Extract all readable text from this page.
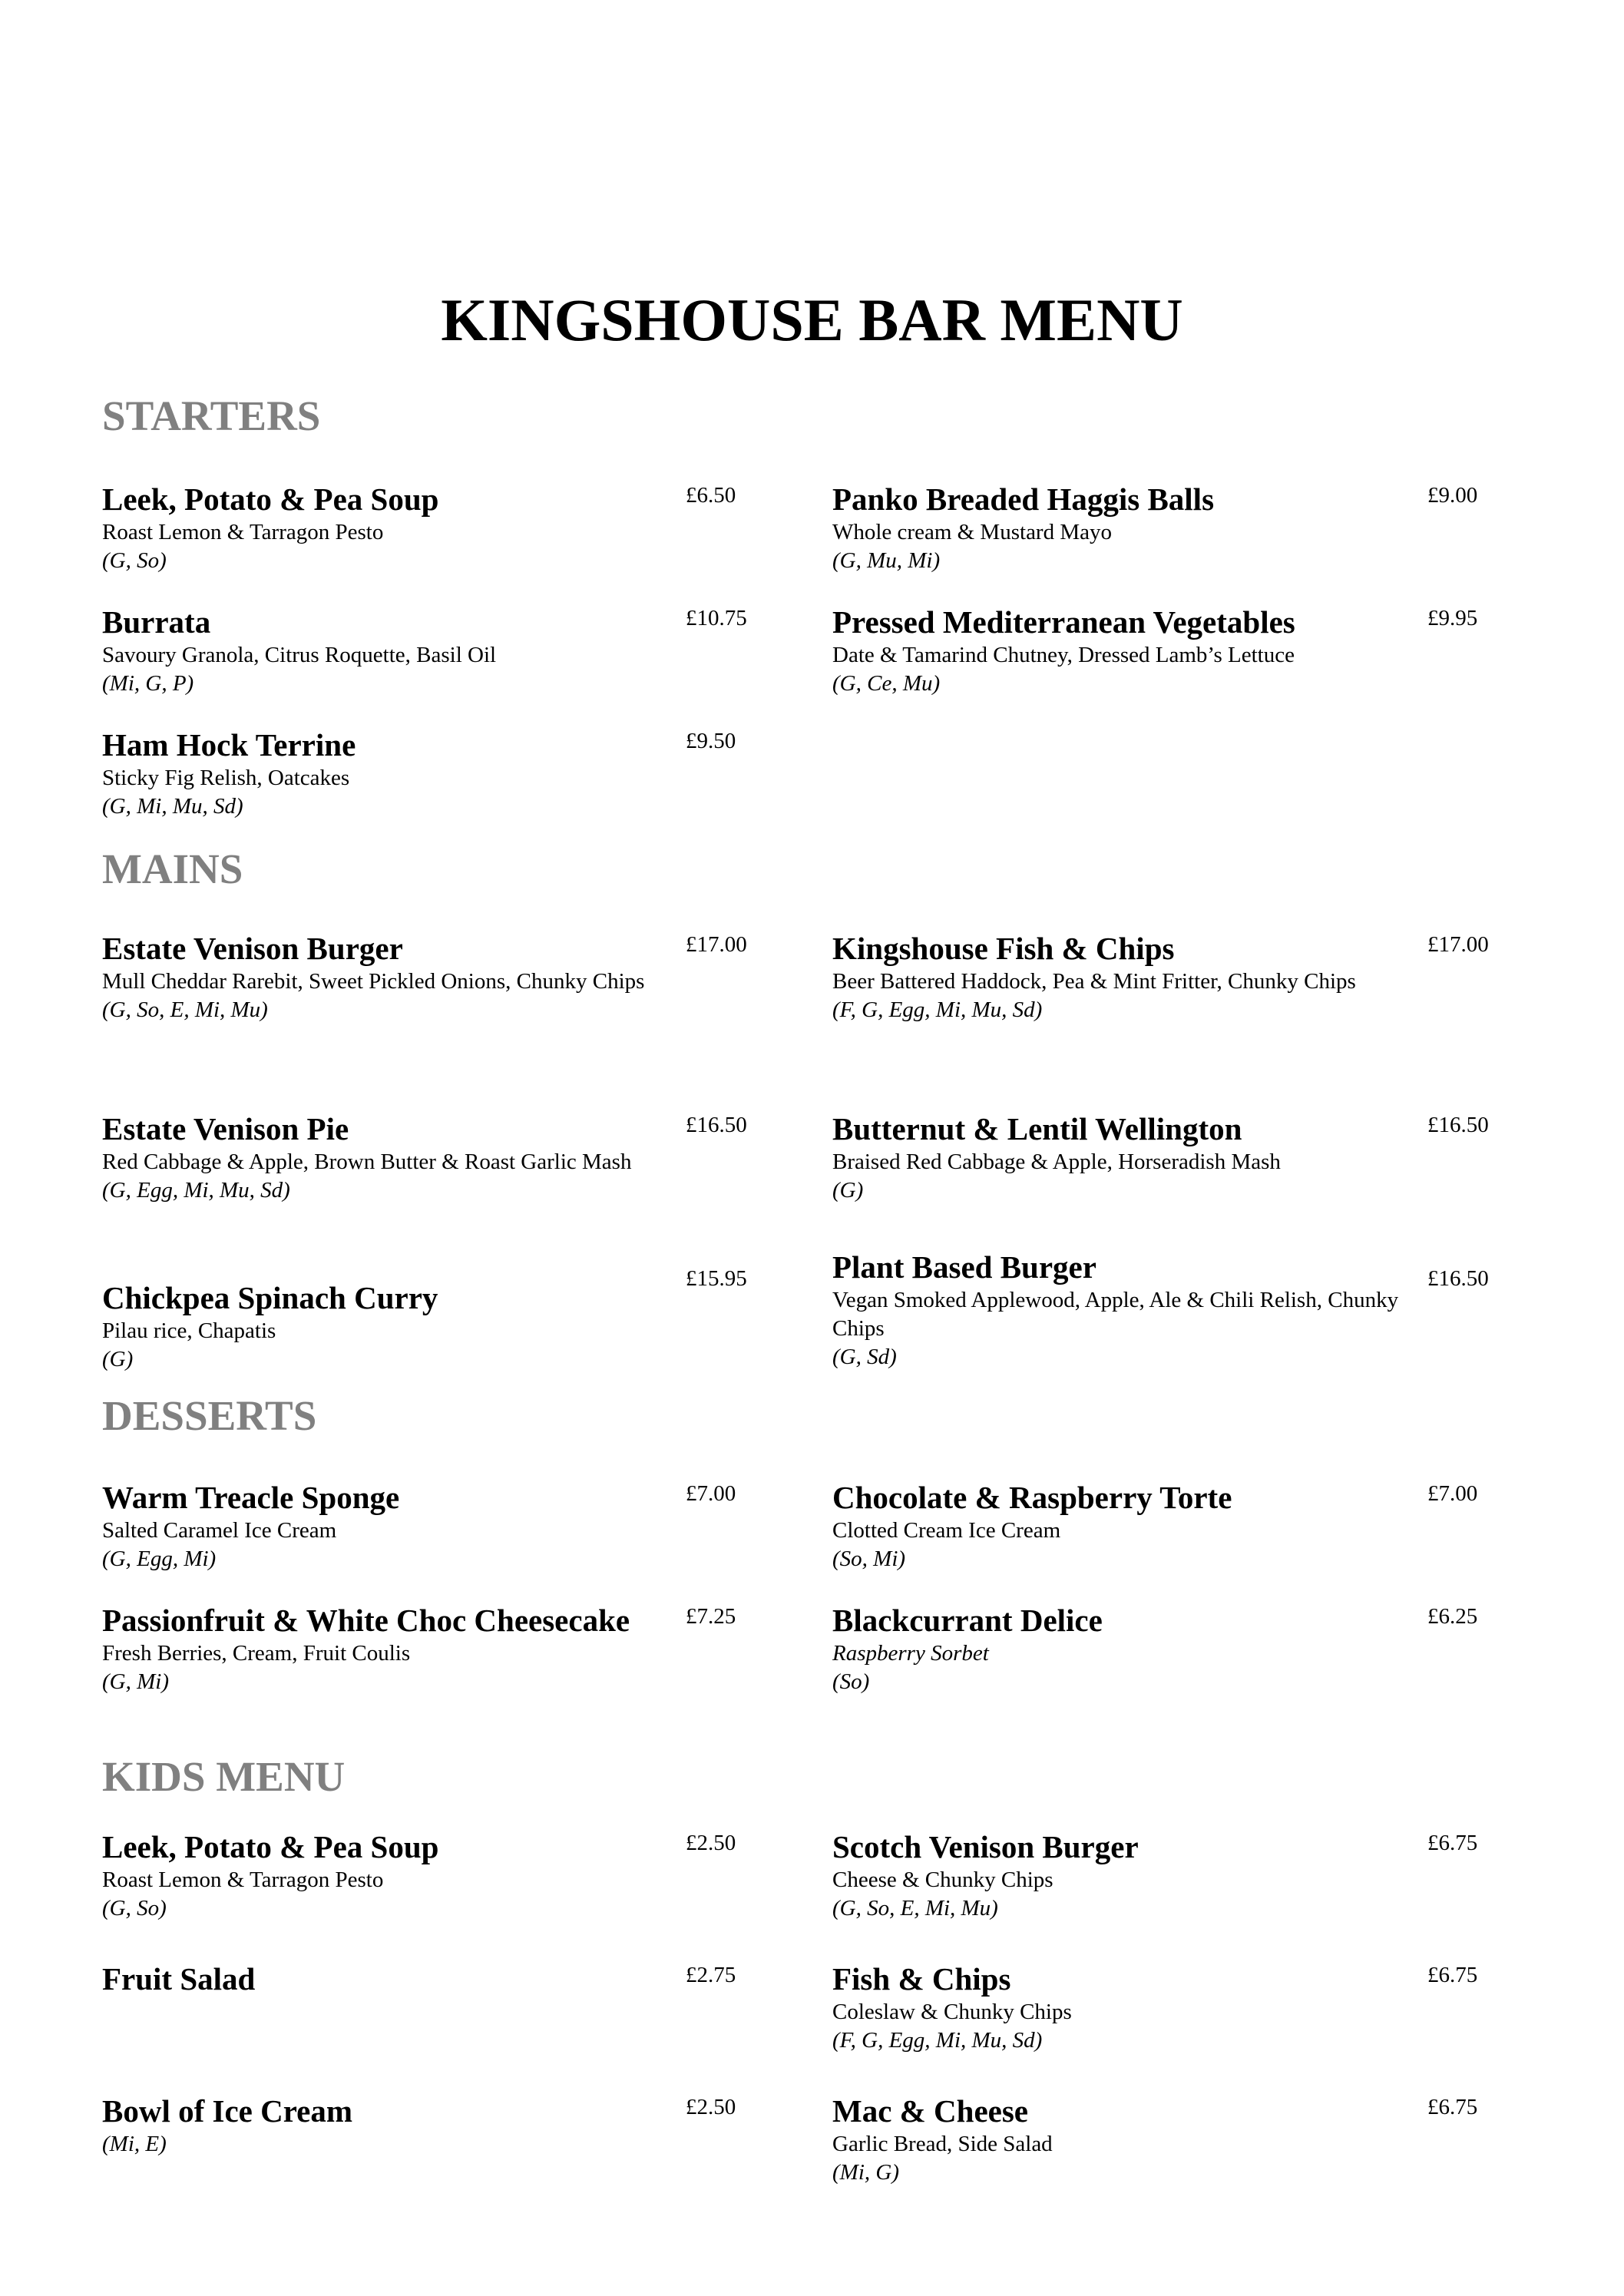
KINGSHOUSE BAR MENU
STARTERS
Leek, Potato & Pea Soup
Roast Lemon & Tarragon Pesto
(G, So)
£6.50	Panko Breaded Haggis Balls
Whole cream & Mustard Mayo
(G, Mu, Mi)
£9.00
Burrata
Savoury Granola, Citrus Roquette, Basil Oil
(Mi, G, P)
£10.75	Pressed Mediterranean Vegetables
Date & Tamarind Chutney, Dressed Lamb’s Lettuce
(G, Ce, Mu)
£9.95
Ham Hock Terrine
Sticky Fig Relish, Oatcakes
(G, Mi, Mu, Sd)
£9.50
MAINS
Estate Venison Burger
Mull Cheddar Rarebit, Sweet Pickled Onions, Chunky Chips
(G, So, E, Mi, Mu)
£17.00	Kingshouse Fish & Chips
Beer Battered Haddock, Pea & Mint Fritter, Chunky Chips
(F, G, Egg, Mi, Mu, Sd)
£17.00
Estate Venison Pie
Red Cabbage & Apple, Brown Butter & Roast Garlic Mash
(G, Egg, Mi, Mu, Sd)
£16.50	Butternut & Lentil Wellington
Braised Red Cabbage & Apple, Horseradish Mash
(G)
£16.50
Chickpea Spinach Curry
Pilau rice, Chapatis
(G)
£15.95	Plant Based Burger
Vegan Smoked Applewood, Apple, Ale & Chili Relish, Chunky Chips
(G, Sd)
£16.50
DESSERTS
Warm Treacle Sponge
Salted Caramel Ice Cream
(G, Egg, Mi)
£7.00	Chocolate & Raspberry Torte
Clotted Cream Ice Cream
(So, Mi)
£7.00
Passionfruit & White Choc Cheesecake
Fresh Berries, Cream, Fruit Coulis
(G, Mi)
£7.25	Blackcurrant Delice
Raspberry Sorbet
(So)
£6.25
KIDS MENU
Leek, Potato & Pea Soup
Roast Lemon & Tarragon Pesto
(G, So)
£2.50	Scotch Venison Burger
Cheese & Chunky Chips
(G, So, E, Mi, Mu)
£6.75
Fruit Salad	£2.75	Fish & Chips
Coleslaw & Chunky Chips
(F, G, Egg, Mi, Mu, Sd)
£6.75
Bowl of Ice Cream
(Mi, E)
£2.50	Mac & Cheese
Garlic Bread, Side Salad
(Mi, G)
£6.75
